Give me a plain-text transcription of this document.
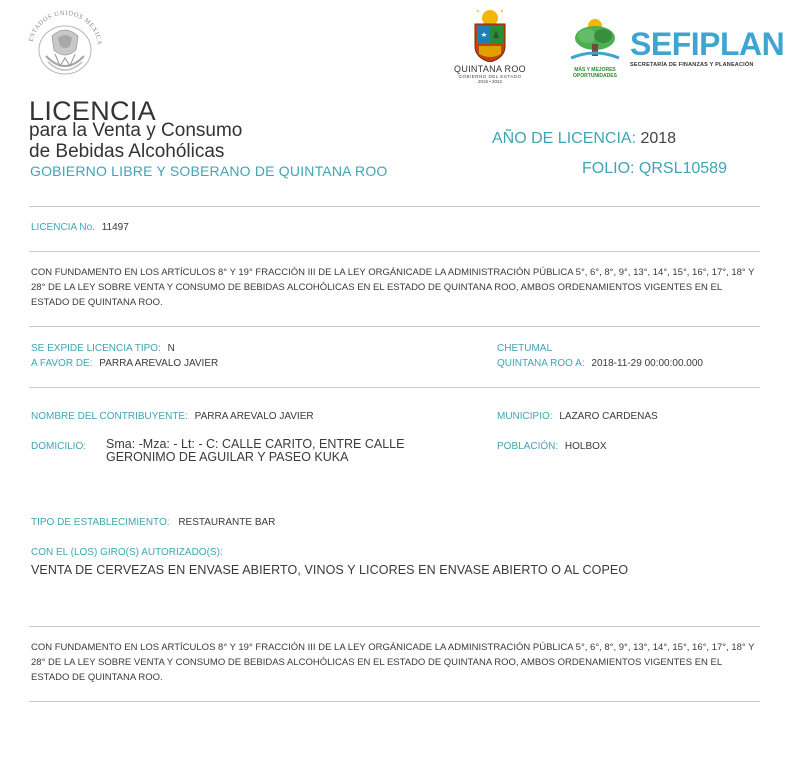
ESTADOS UNIDOS MEXICA
QUINTANA ROO
GOBIERNO DEL ESTADO
2016 • 2022
MÁS Y MEJORES
OPORTUNIDADES
SEFIPLAN
SECRETARÍA DE FINANZAS Y PLANEACIÓN
LICENCIA
para la Venta y Consumo
de Bebidas Alcohólicas
GOBIERNO LIBRE Y SOBERANO DE QUINTANA ROO
AÑO DE LICENCIA: 2018
FOLIO: QRSL10589
LICENCIA No. 11497
CON FUNDAMENTO EN LOS ARTÍCULOS 8° Y 19° FRACCIÓN III DE LA LEY ORGÁNICADE LA ADMINISTRACIÓN PÚBLICA 5°, 6°, 8°, 9°, 13°, 14°, 15°, 16°, 17°, 18° Y 28° DE LA LEY SOBRE VENTA Y CONSUMO DE BEBIDAS ALCOHÓLICAS EN EL ESTADO DE QUINTANA ROO, AMBOS ORDENAMIENTOS VIGENTES EN EL ESTADO DE QUINTANA ROO.
SE EXPIDE LICENCIA TIPO: N
A FAVOR DE: PARRA AREVALO JAVIER
CHETUMAL
QUINTANA ROO A: 2018-11-29 00:00:00.000
NOMBRE DEL CONTRIBUYENTE: PARRA AREVALO JAVIER	MUNICIPIO: LAZARO CARDENAS
DOMICILIO: Sma: -Mza: - Lt: - C: CALLE CARITO, ENTRE CALLE GERONIMO DE AGUILAR Y PASEO KUKA
POBLACIÓN: HOLBOX
TIPO DE ESTABLECIMIENTO: RESTAURANTE BAR
CON EL (LOS) GIRO(S) AUTORIZADO(S):
VENTA DE CERVEZAS EN ENVASE ABIERTO, VINOS Y LICORES EN ENVASE ABIERTO O AL COPEO
CON FUNDAMENTO EN LOS ARTÍCULOS 8° Y 19° FRACCIÓN III DE LA LEY ORGÁNICADE LA ADMINISTRACIÓN PÚBLICA 5°, 6°, 8°, 9°, 13°, 14°, 15°, 16°, 17°, 18° Y 28° DE LA LEY SOBRE VENTA Y CONSUMO DE BEBIDAS ALCOHÓLICAS EN EL ESTADO DE QUINTANA ROO, AMBOS ORDENAMIENTOS VIGENTES EN EL ESTADO DE QUINTANA ROO.
